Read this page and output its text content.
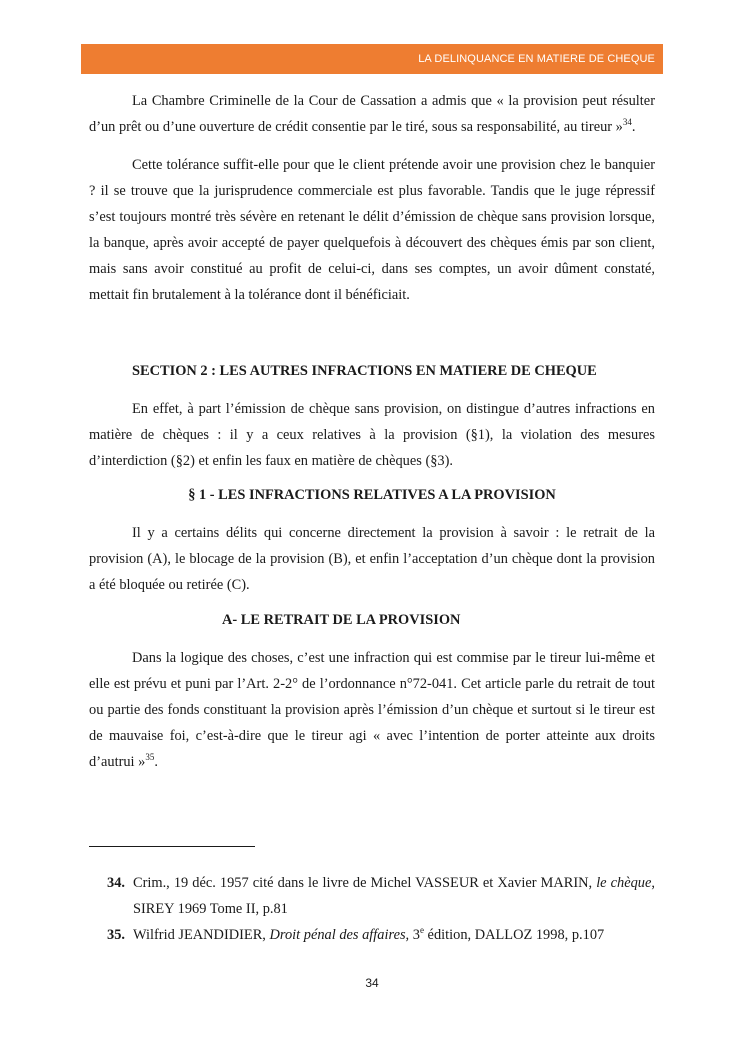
LA DELINQUANCE EN MATIERE DE CHEQUE

La Chambre Criminelle de la Cour de Cassation a admis que « la provision peut résulter d’un prêt ou d’une ouverture de crédit consentie par le tiré, sous sa responsabilité, au tireur »$^{34}$.

Cette tolérance suffit-elle pour que le client prétende avoir une provision chez le banquier ? il se trouve que la jurisprudence commerciale est plus favorable. Tandis que le juge répressif s’est toujours montré très sévère en retenant le délit d’émission de chèque sans provision lorsque, la banque, après avoir accepté de payer quelquefois à découvert des chèques émis par son client, mais sans avoir constitué au profit de celui-ci, dans ses comptes, un avoir dûment constaté, mettait fin brutalement à la tolérance dont il bénéficiait.

SECTION 2 : LES AUTRES INFRACTIONS EN MATIERE DE CHEQUE

En effet, à part l’émission de chèque sans provision, on distingue d’autres infractions en matière de chèques : il y a ceux relatives à la provision (§1), la violation des mesures d’interdiction (§2) et enfin les faux en matière de chèques (§3).

§ 1 - LES INFRACTIONS RELATIVES A LA PROVISION

Il y a certains délits qui concerne directement la provision à savoir : le retrait de la provision (A), le blocage de la provision (B), et enfin l’acceptation d’un chèque dont la provision a été bloquée ou retirée (C).

A- LE RETRAIT DE LA PROVISION

Dans la logique des choses, c’est une infraction qui est commise par le tireur lui-même et elle est prévu et puni par l’Art. 2-2° de l’ordonnance n°72-041. Cet article parle du retrait de tout ou partie des fonds constituant la provision après l’émission d’un chèque et surtout si le tireur est de mauvaise foi, c’est-à-dire que le tireur agi « avec l’intention de porter atteinte aux droits d’autrui »$^{35}$.

34. Crim., 19 déc. 1957 cité dans le livre de Michel VASSEUR et Xavier MARIN, le chèque, SIREY 1969 Tome II, p.81
35. Wilfrid JEANDIDIER, Droit pénal des affaires, 3e édition, DALLOZ 1998, p.107
34
